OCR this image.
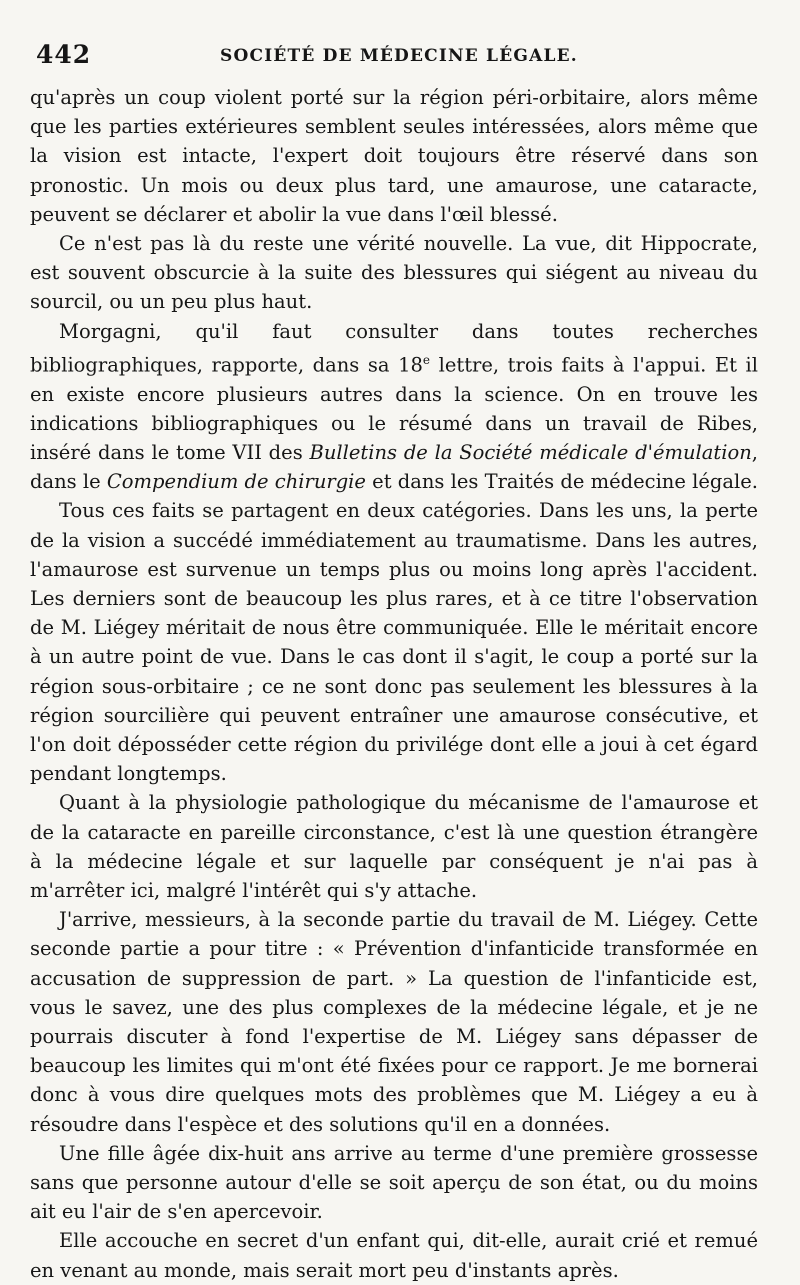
442	SOCIÉTÉ DE MÉDECINE LÉGALE.

qu'après un coup violent porté sur la région péri-orbitaire, alors même que les parties extérieures semblent seules intéressées, alors même que la vision est intacte, l'expert doit toujours être réservé dans son pronostic. Un mois ou deux plus tard, une amaurose, une cataracte, peuvent se déclarer et abolir la vue dans l'œil blessé.

Ce n'est pas là du reste une vérité nouvelle. La vue, dit Hippocrate, est souvent obscurcie à la suite des blessures qui siégent au niveau du sourcil, ou un peu plus haut.

Morgagni, qu'il faut consulter dans toutes recherches bibliographiques, rapporte, dans sa 18e lettre, trois faits à l'appui. Et il en existe encore plusieurs autres dans la science. On en trouve les indications bibliographiques ou le résumé dans un travail de Ribes, inséré dans le tome VII des Bulletins de la Société médicale d'émulation, dans le Compendium de chirurgie et dans les Traités de médecine légale.

Tous ces faits se partagent en deux catégories. Dans les uns, la perte de la vision a succédé immédiatement au traumatisme. Dans les autres, l'amaurose est survenue un temps plus ou moins long après l'accident. Les derniers sont de beaucoup les plus rares, et à ce titre l'observation de M. Liégey méritait de nous être communiquée. Elle le méritait encore à un autre point de vue. Dans le cas dont il s'agit, le coup a porté sur la région sous-orbitaire ; ce ne sont donc pas seulement les blessures à la région sourcilière qui peuvent entraîner une amaurose consécutive, et l'on doit déposséder cette région du privilége dont elle a joui à cet égard pendant longtemps.

Quant à la physiologie pathologique du mécanisme de l'amaurose et de la cataracte en pareille circonstance, c'est là une question étrangère à la médecine légale et sur laquelle par conséquent je n'ai pas à m'arrêter ici, malgré l'intérêt qui s'y attache.

J'arrive, messieurs, à la seconde partie du travail de M. Liégey. Cette seconde partie a pour titre : « Prévention d'infanticide transformée en accusation de suppression de part. » La question de l'infanticide est, vous le savez, une des plus complexes de la médecine légale, et je ne pourrais discuter à fond l'expertise de M. Liégey sans dépasser de beaucoup les limites qui m'ont été fixées pour ce rapport. Je me bornerai donc à vous dire quelques mots des problèmes que M. Liégey a eu à résoudre dans l'espèce et des solutions qu'il en a données.

Une fille âgée dix-huit ans arrive au terme d'une première grossesse sans que personne autour d'elle se soit aperçu de son état, ou du moins ait eu l'air de s'en apercevoir.

Elle accouche en secret d'un enfant qui, dit-elle, aurait crié et remué en venant au monde, mais serait mort peu d'instants après.
